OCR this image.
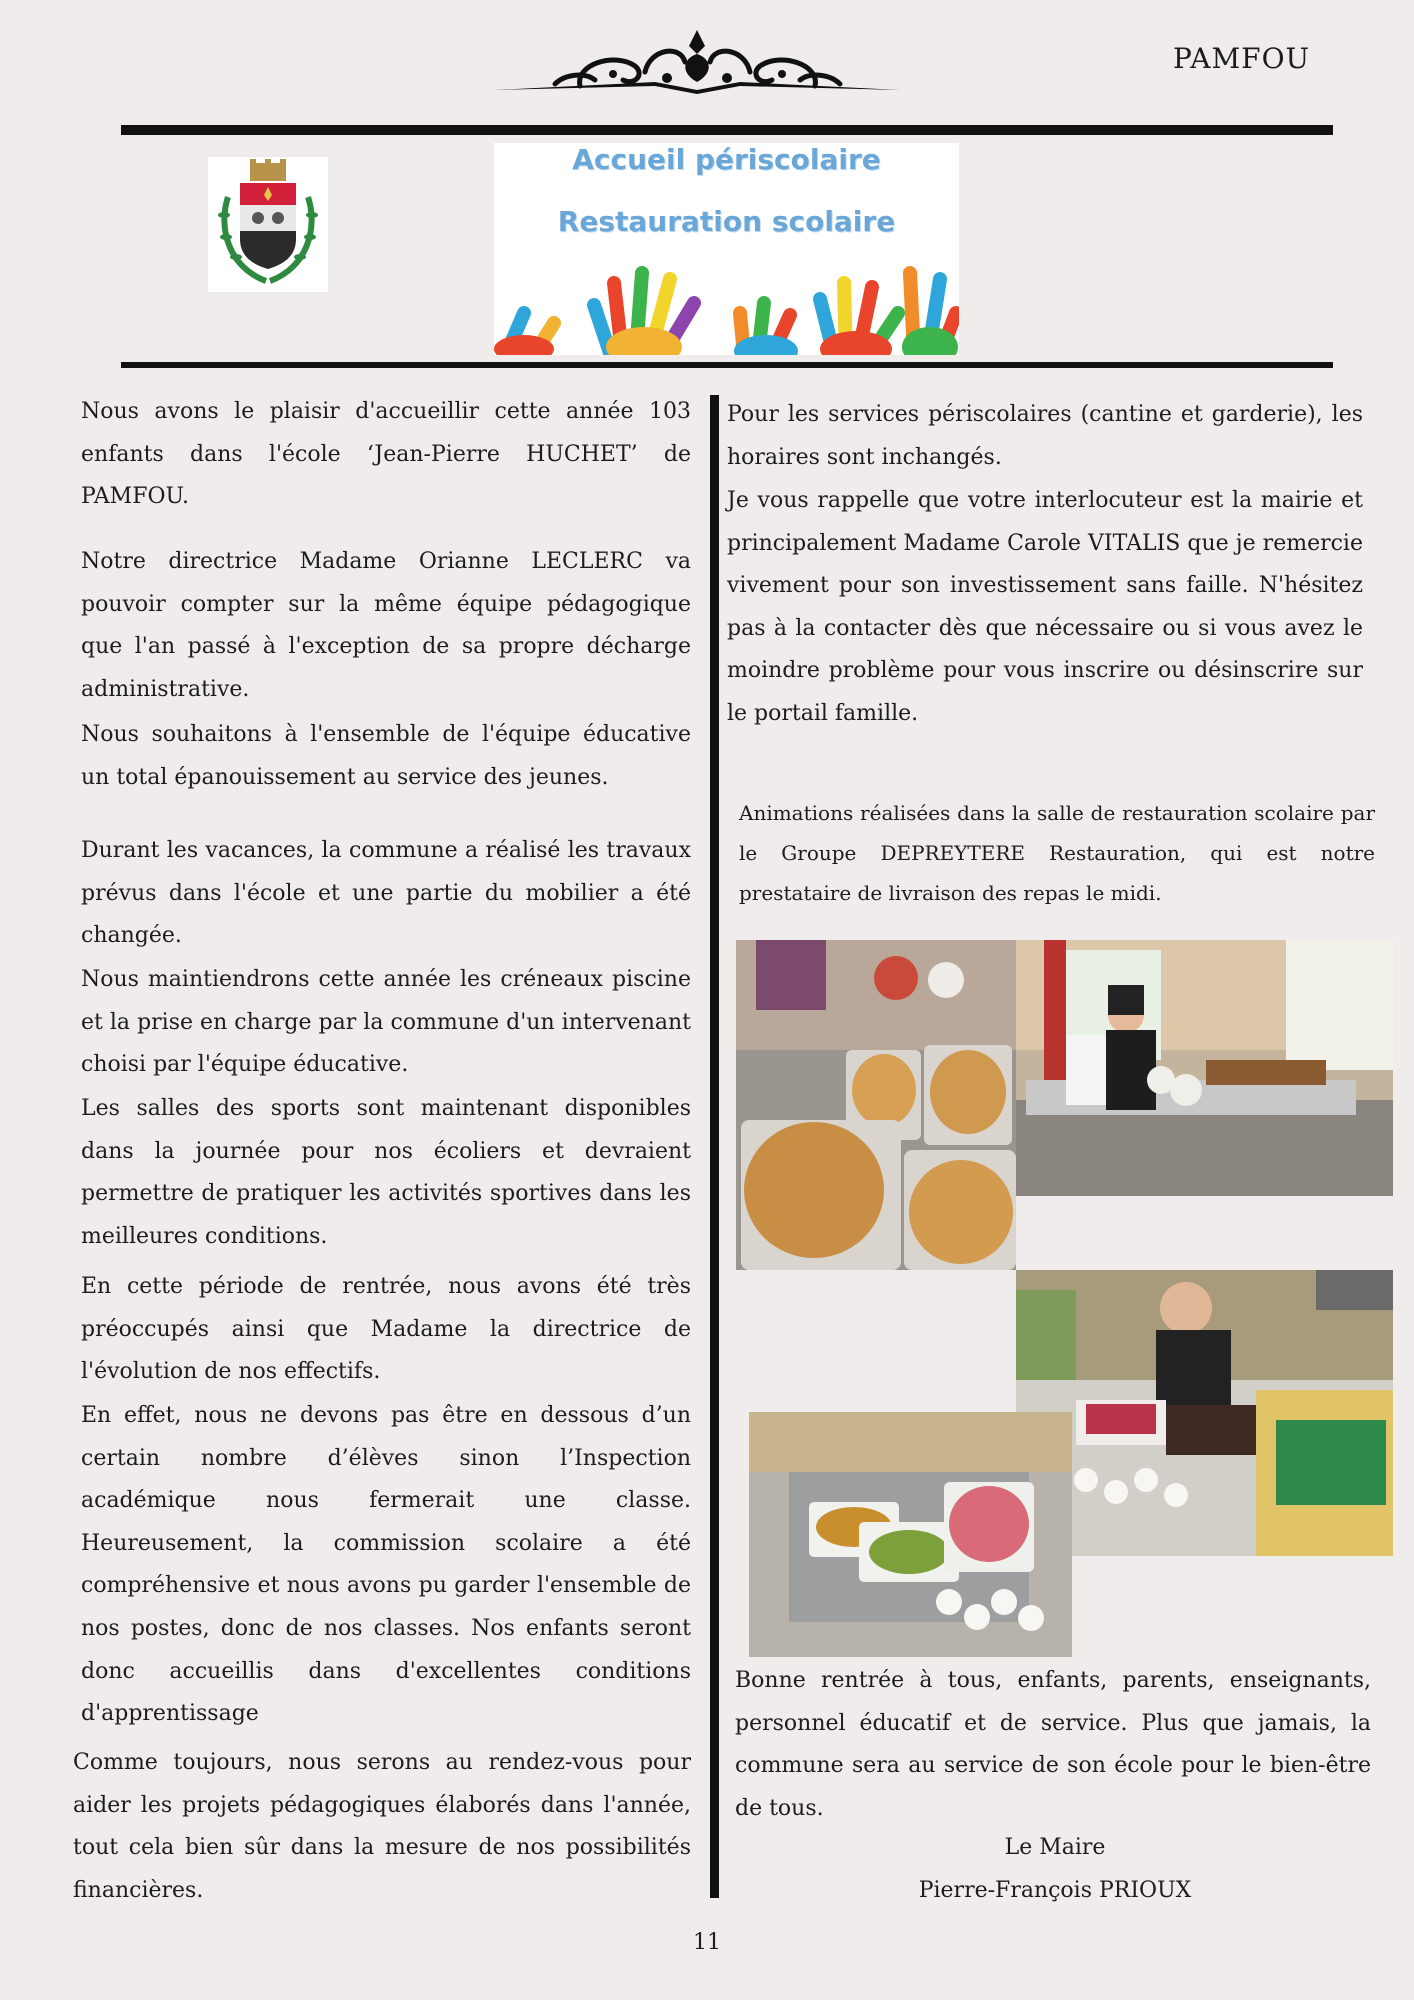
PAMFOU
Accueil périscolaire
Restauration scolaire

Nous avons le plaisir d'accueillir cette année 103 enfants dans l'école ‘Jean-Pierre HUCHET’ de PAMFOU.

Notre directrice Madame Orianne LECLERC va pouvoir compter sur la même équipe pédagogique que l'an passé à l'exception de sa propre décharge administrative.

Nous souhaitons à l'ensemble de l'équipe éducative un total épanouissement au service des jeunes.

Durant les vacances, la commune a réalisé les travaux prévus dans l'école et une partie du mobilier a été changée.

Nous maintiendrons cette année les créneaux piscine et la prise en charge par la commune d'un intervenant choisi par l'équipe éducative.

Les salles des sports sont maintenant disponibles dans la journée pour nos écoliers et devraient permettre de pratiquer les activités sportives dans les meilleures conditions.

En cette période de rentrée, nous avons été très préoccupés ainsi que Madame la directrice de l'évolution de nos effectifs.

En effet, nous ne devons pas être en dessous d’un certain nombre d’élèves sinon l’Inspection académique nous fermerait une classe. Heureusement, la commission scolaire a été compréhensive et nous avons pu garder l'ensemble de nos postes, donc de nos classes. Nos enfants seront donc accueillis dans d'excellentes conditions d'apprentissage

Comme toujours, nous serons au rendez-vous pour aider les projets pédagogiques élaborés dans l'année, tout cela bien sûr dans la mesure de nos possibilités financières.

Pour les services périscolaires (cantine et garderie), les horaires sont inchangés.

Je vous rappelle que votre interlocuteur est la mairie et principalement Madame Carole VITALIS que je remercie vivement pour son investissement sans faille. N'hésitez pas à la contacter dès que nécessaire ou si vous avez le moindre problème pour vous inscrire ou désinscrire sur le portail famille.

Animations réalisées dans la salle de restauration scolaire par le Groupe DEPREYTERE Restauration, qui est notre prestataire de livraison des repas le midi.

Bonne rentrée à tous, enfants, parents, enseignants, personnel éducatif et de service. Plus que jamais, la commune sera au service de son école pour le bien-être de tous.

Le Maire
Pierre-François PRIOUX
11
